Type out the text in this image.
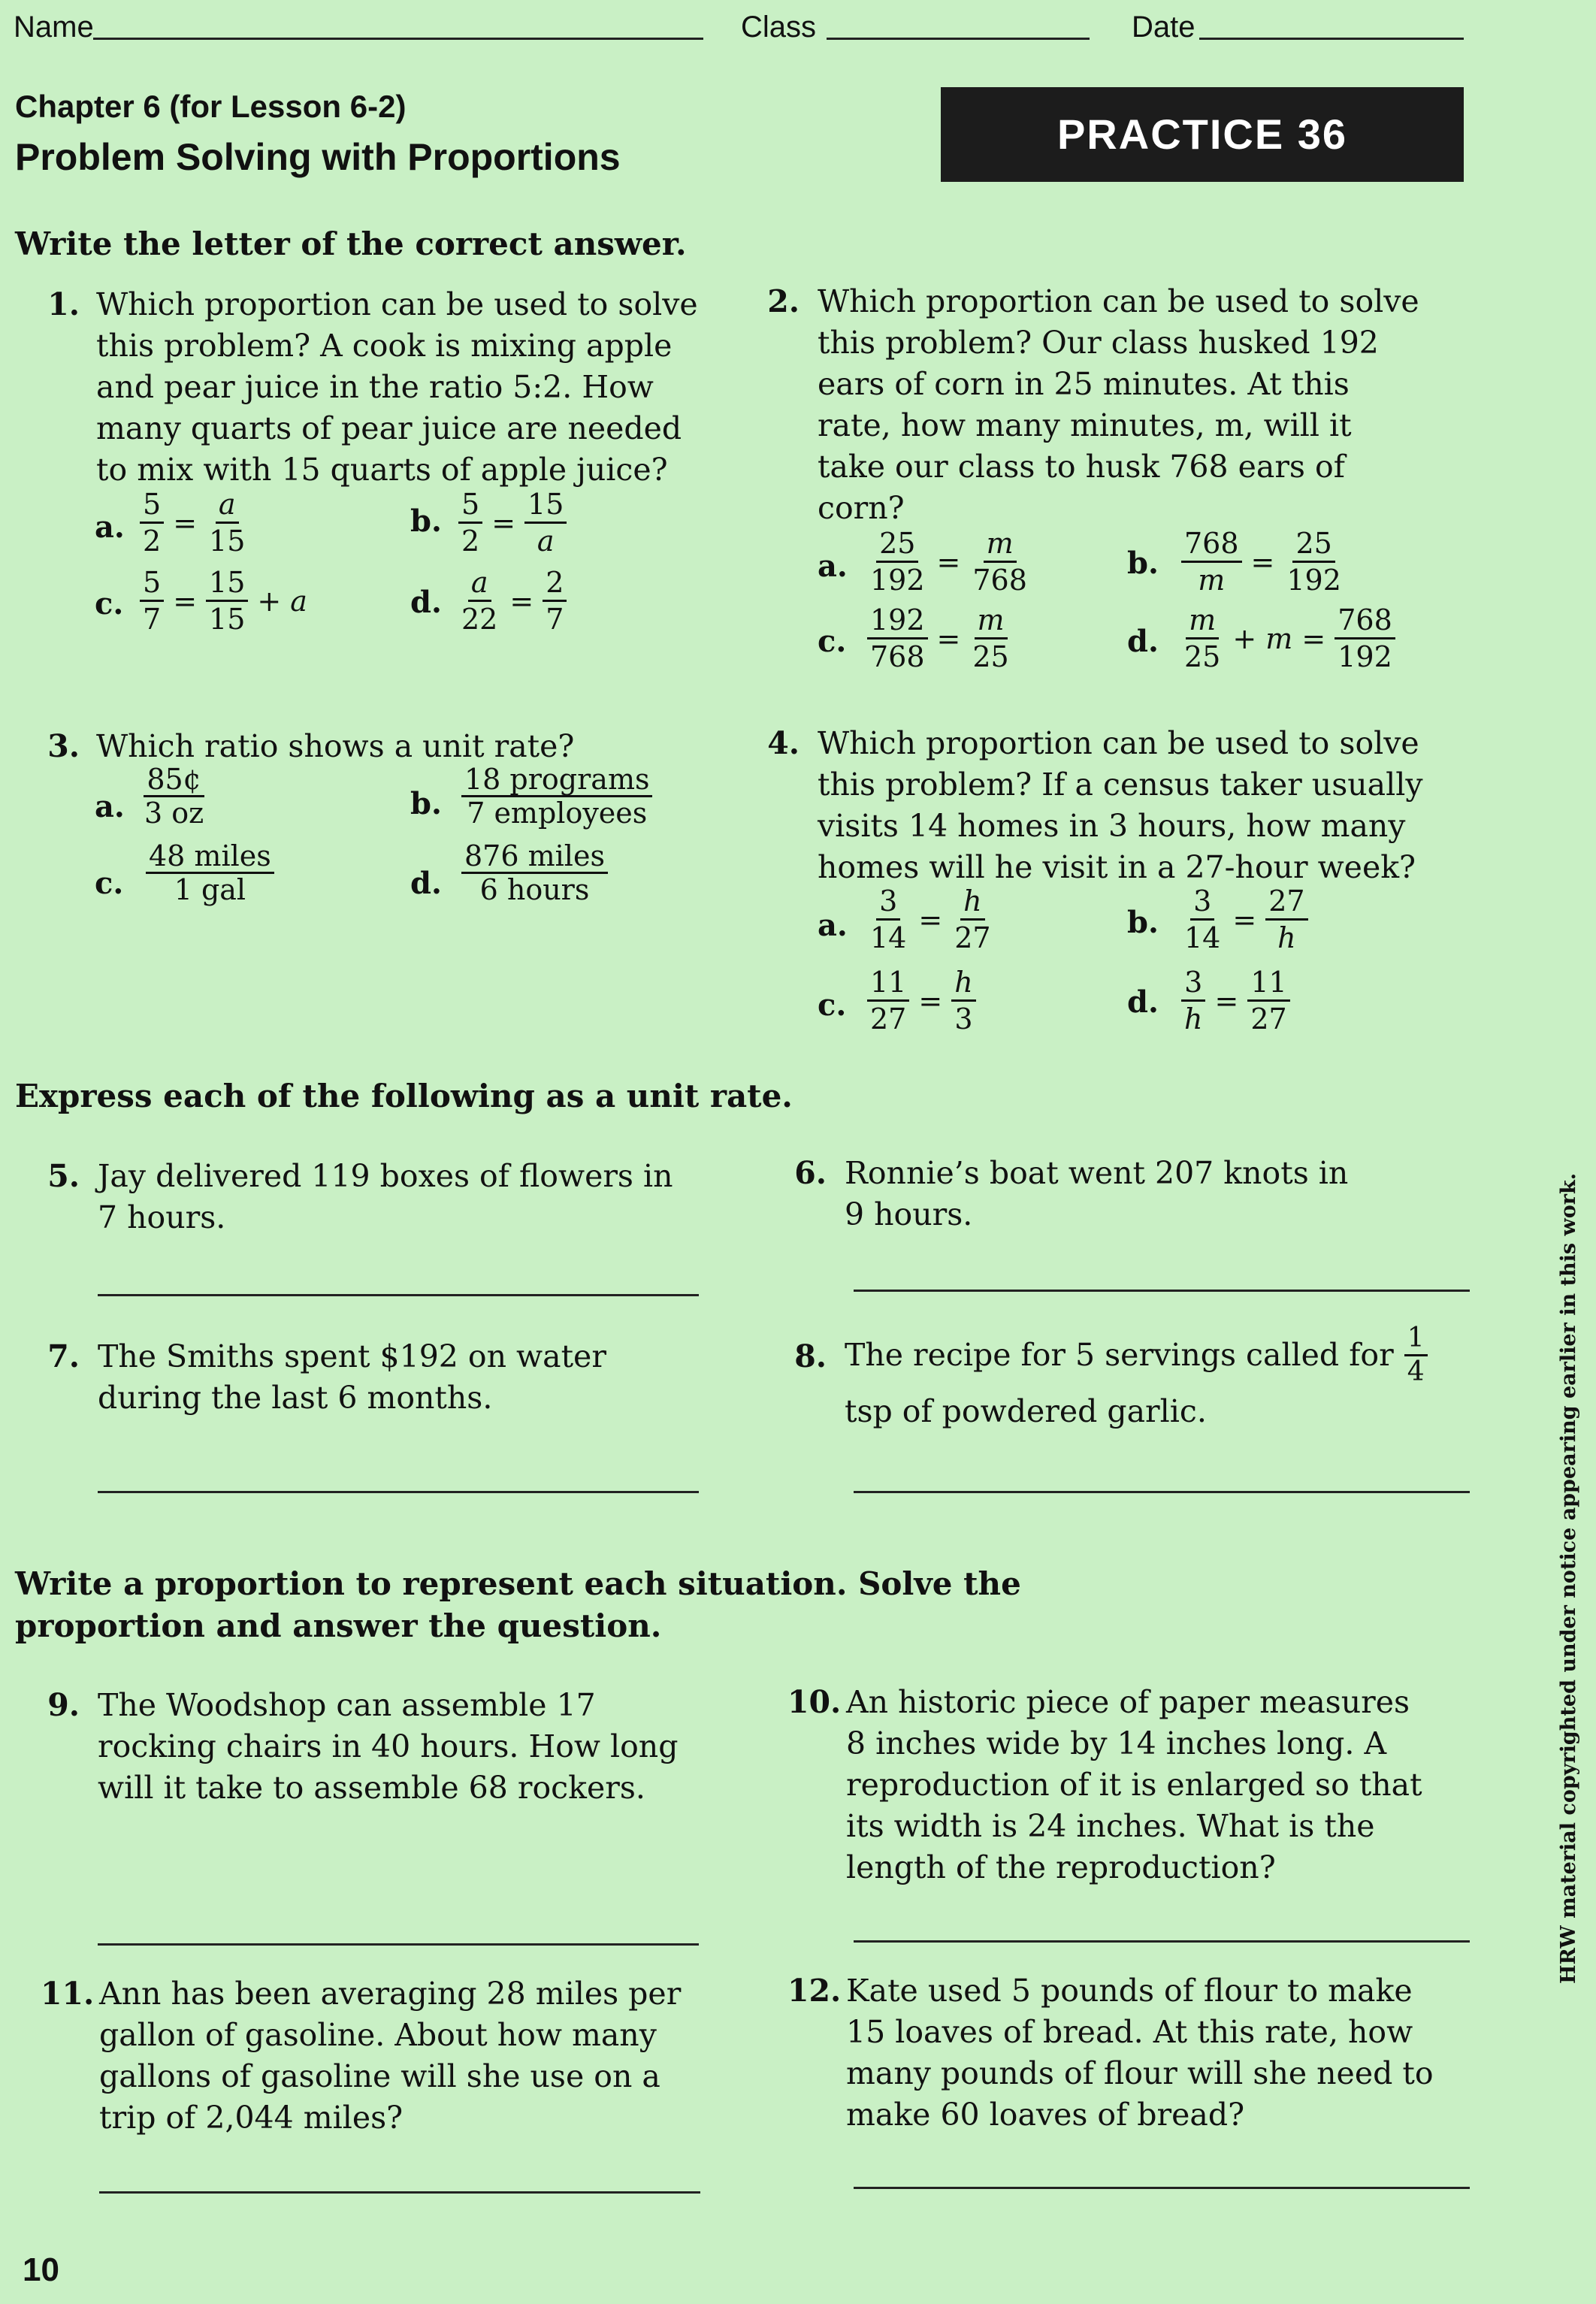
Name	Class	Date
Chapter 6 (for Lesson 6-2)
Problem Solving with Proportions	PRACTICE 36
Write the letter of the correct answer.
1. Which proportion can be used to solve
this problem? A cook is mixing apple
and pear juice in the ratio 5:2. How
many quarts of pear juice are needed
to mix with 15 quarts of apple juice?
a. $\frac{5}{2} = \frac{a}{15}$	b. $\frac{5}{2} = \frac{15}{a}$
c. $\frac{5}{7} = \frac{15}{15} + a$	d. $\frac{a}{22} = \frac{2}{7}$
2. Which proportion can be used to solve
this problem? Our class husked 192
ears of corn in 25 minutes. At this
rate, how many minutes, m, will it
take our class to husk 768 ears of
corn?
a. $\frac{25}{192} = \frac{m}{768}$	b. $\frac{768}{m} = \frac{25}{192}$
c. $\frac{192}{768} = \frac{m}{25}$	d. $\frac{m}{25} + m = \frac{768}{192}$
3. Which ratio shows a unit rate?
a. $\frac{85¢}{3 oz}$	b. $\frac{\text{18 programs}}{\text{7 employees}}$
c. $\frac{\text{48 miles}}{\text{1 gal}}$	d. $\frac{\text{876 miles}}{\text{6 hours}}$
4. Which proportion can be used to solve
this problem? If a census taker usually
visits 14 homes in 3 hours, how many
homes will he visit in a 27-hour week?
a. $\frac{3}{14} = \frac{h}{27}$	b. $\frac{3}{14} = \frac{27}{h}$
c. $\frac{11}{27} = \frac{h}{3}$	d. $\frac{3}{h} = \frac{11}{27}$
Express each of the following as a unit rate.
5. Jay delivered 119 boxes of flowers in
7 hours.
6. Ronnie’s boat went 207 knots in
9 hours.
7. The Smiths spent $192 on water
during the last 6 months.
8. The recipe for 5 servings called for $\frac{1}{4}$
tsp of powdered garlic.
Write a proportion to represent each situation. Solve the
proportion and answer the question.
9. The Woodshop can assemble 17
rocking chairs in 40 hours. How long
will it take to assemble 68 rockers.
10. An historic piece of paper measures
8 inches wide by 14 inches long. A
reproduction of it is enlarged so that
its width is 24 inches. What is the
length of the reproduction?
11. Ann has been averaging 28 miles per
gallon of gasoline. About how many
gallons of gasoline will she use on a
trip of 2,044 miles?
12. Kate used 5 pounds of flour to make
15 loaves of bread. At this rate, how
many pounds of flour will she need to
make 60 loaves of bread?
HRW material copyrighted under notice appearing earlier in this work.
10
